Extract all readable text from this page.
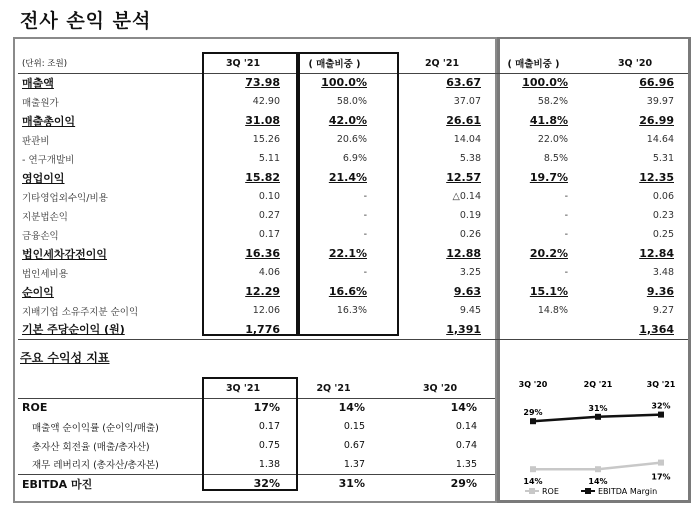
전사 손익 분석
(단위: 조원)	3Q '21	( 매출비중 )	2Q '21	( 매출비중 )	3Q '20
매출액	73.98	100.0%	63.67	100.0%	66.96
매출원가	42.90	58.0%	37.07	58.2%	39.97
매출총이익	31.08	42.0%	26.61	41.8%	26.99
판관비	15.26	20.6%	14.04	22.0%	14.64
- 연구개발비	5.11	6.9%	5.38	8.5%	5.31
영업이익	15.82	21.4%	12.57	19.7%	12.35
기타영업외수익/비용	0.10	-	△0.14	-	0.06
지분법손익	0.27	-	0.19	-	0.23
금융손익	0.17	-	0.26	-	0.25
법인세차감전이익	16.36	22.1%	12.88	20.2%	12.84
법인세비용	4.06	-	3.25	-	3.48
순이익	12.29	16.6%	9.63	15.1%	9.36
지배기업 소유주지분 순이익	12.06	16.3%	9.45	14.8%	9.27
기본 주당순이익 (원)	1,776		1,391		1,364
주요 수익성 지표
	3Q '21	2Q '21	3Q '20
ROE	17%	14%	14%
매출액 순이익률 (순이익/매출)	0.17	0.15	0.14
총자산 회전율 (매출/총자산)	0.75	0.67	0.74
재무 레버리지 (총자산/총자본)	1.38	1.37	1.35
EBITDA 마진	32%	31%	29%
3Q '20	2Q '21	3Q '21
14%	14%
17%
29%	31%	32%
ROE	EBITDA Margin
